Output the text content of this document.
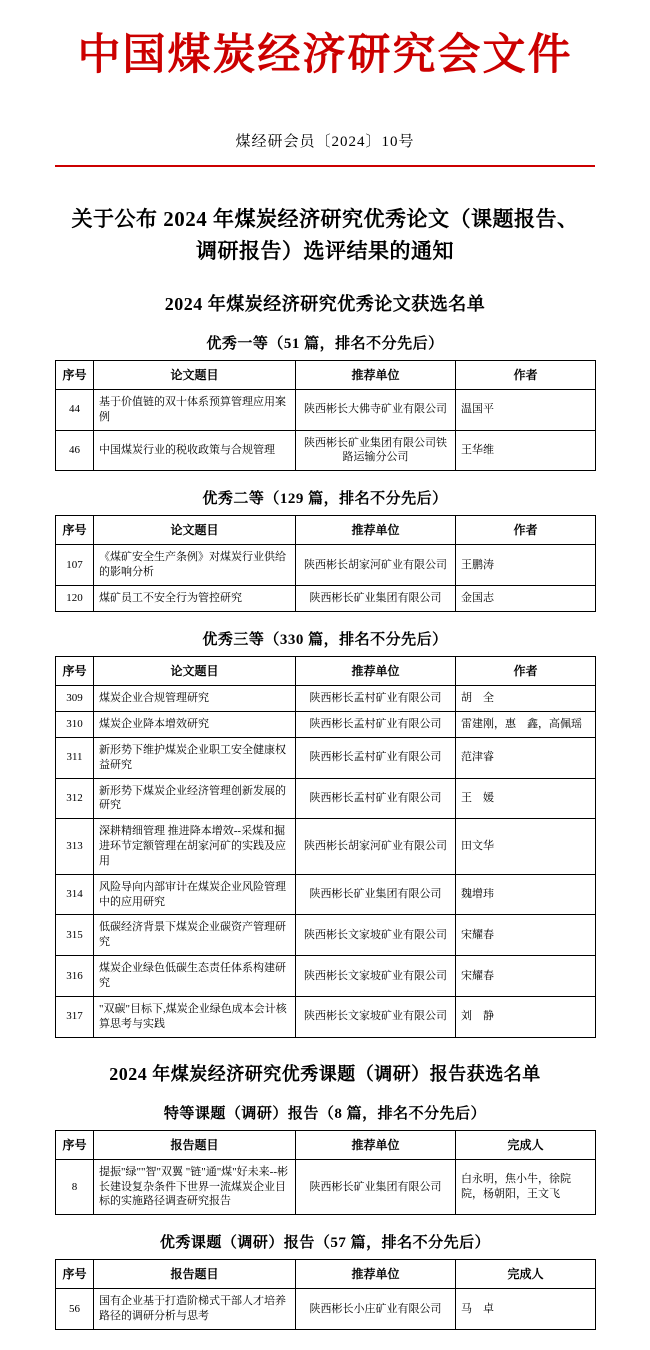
中国煤炭经济研究会文件
煤经研会员〔2024〕10号
关于公布 2024 年煤炭经济研究优秀论文（课题报告、调研报告）选评结果的通知
2024 年煤炭经济研究优秀论文获选名单
优秀一等（51 篇，排名不分先后）
序号	论文题目	推荐单位	作者
44	基于价值链的双十体系预算管理应用案例	陕西彬长大佛寺矿业有限公司	温国平
46	中国煤炭行业的税收政策与合规管理	陕西彬长矿业集团有限公司铁路运输分公司	王华维
优秀二等（129 篇，排名不分先后）
序号	论文题目	推荐单位	作者
107	《煤矿安全生产条例》对煤炭行业供给的影响分析	陕西彬长胡家河矿业有限公司	王鹏涛
120	煤矿员工不安全行为管控研究	陕西彬长矿业集团有限公司	金国志
优秀三等（330 篇，排名不分先后）
序号	论文题目	推荐单位	作者
309	煤炭企业合规管理研究	陕西彬长孟村矿业有限公司	胡　全
310	煤炭企业降本增效研究	陕西彬长孟村矿业有限公司	雷建刚，惠　鑫，高佩瑶
311	新形势下维护煤炭企业职工安全健康权益研究	陕西彬长孟村矿业有限公司	范津睿
312	新形势下煤炭企业经济管理创新发展的研究	陕西彬长孟村矿业有限公司	王　媛
313	深耕精细管理 推进降本增效--采煤和掘进环节定额管理在胡家河矿的实践及应用	陕西彬长胡家河矿业有限公司	田文华
314	风险导向内部审计在煤炭企业风险管理中的应用研究	陕西彬长矿业集团有限公司	魏增玮
315	低碳经济背景下煤炭企业碳资产管理研究	陕西彬长文家坡矿业有限公司	宋耀春
316	煤炭企业绿色低碳生态责任体系构建研究	陕西彬长文家坡矿业有限公司	宋耀春
317	"双碳"目标下,煤炭企业绿色成本会计核算思考与实践	陕西彬长文家坡矿业有限公司	刘　静
2024 年煤炭经济研究优秀课题（调研）报告获选名单
特等课题（调研）报告（8 篇，排名不分先后）
序号	报告题目	推荐单位	完成人
8	提振"绿""智"双翼 "链"通"煤"好未来--彬长建设复杂条件下世界一流煤炭企业目标的实施路径调查研究报告	陕西彬长矿业集团有限公司	白永明，焦小牛，徐院院，杨朝阳，王文飞
优秀课题（调研）报告（57 篇，排名不分先后）
序号	报告题目	推荐单位	完成人
56	国有企业基于打造阶梯式干部人才培养路径的调研分析与思考	陕西彬长小庄矿业有限公司	马　卓
